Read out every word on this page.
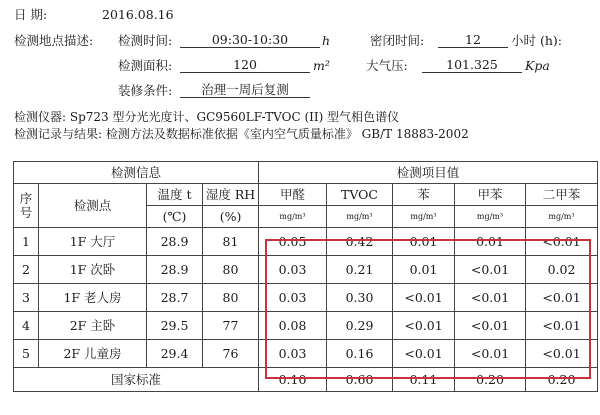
日 期:	2016.08.16
检测地点描述: 检测时间:	09:30-10:30	h	密闭时间:	12	小时 (h):
检测面积:	120	m²	大气压:	101.325	Kpa
装修条件:	治理一周后复测
检测仪器: Sp723 型分光光度计、GC9560LF-TVOC (II) 型气相色谱仪
检测记录与结果: 检测方法及数据标准依据《室内空气质量标准》 GB/T 18883-2002
检测信息				检测项目值				
序
号	检测点	温度 t	湿度 RH	甲醛	TVOC	苯	甲苯	二甲苯
		(℃)	(%)	mg/m³	mg/m³	mg/m³	mg/m³	mg/m³
1	1F 大厅	28.9	81	0.05	0.42	0.01	0.01	<0.01
2	1F 次卧	28.9	80	0.03	0.21	0.01	<0.01	0.02
3	1F 老人房	28.7	80	0.03	0.30	<0.01	<0.01	<0.01
4	2F 主卧	29.5	77	0.08	0.29	<0.01	<0.01	<0.01
5	2F 儿童房	29.4	76	0.03	0.16	<0.01	<0.01	<0.01
国家标准				0.10	0.60	0.11	0.20	0.20
